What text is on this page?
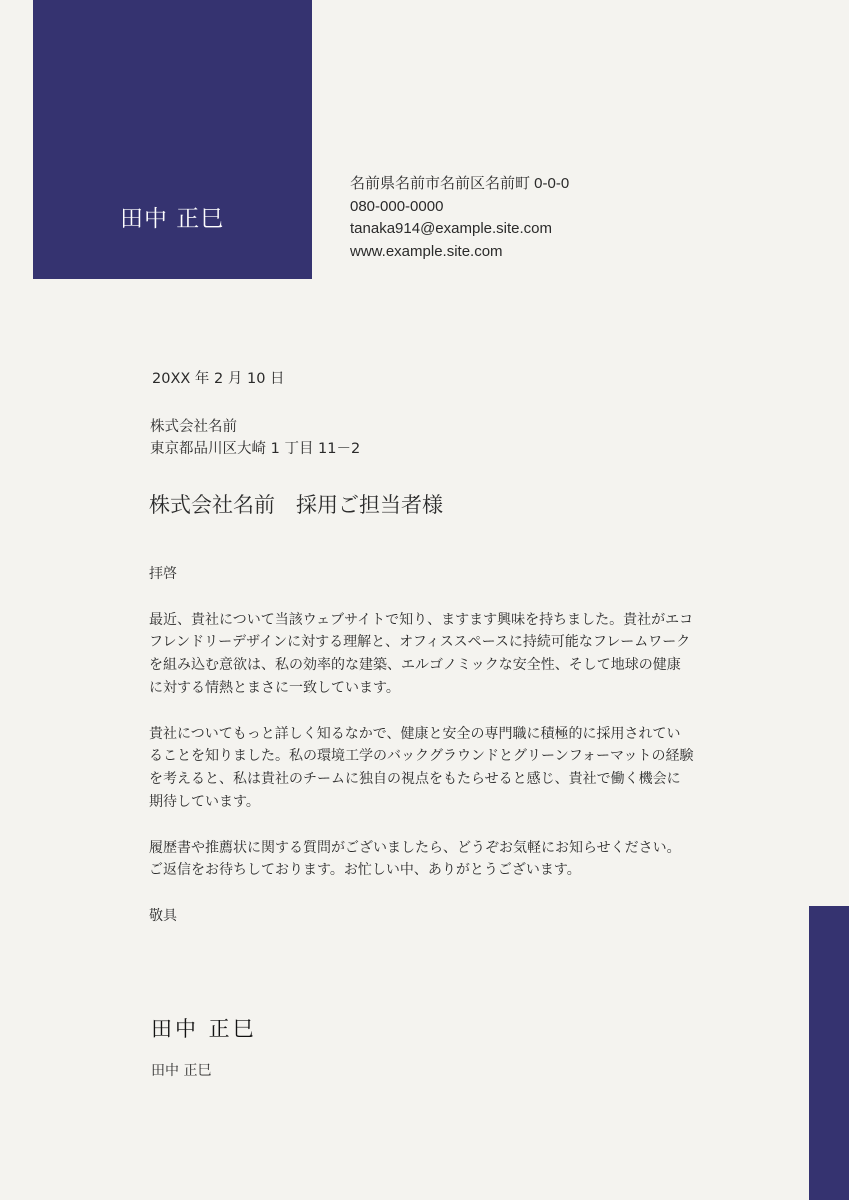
田中 正巳
名前県名前市名前区名前町 0-0-0
080-000-0000
tanaka914@example.site.com
www.example.site.com
20XX 年 2 月 10 日
株式会社名前
東京都品川区大崎 1 丁目 11－2
株式会社名前　採用ご担当者様

拝啓

最近、貴社について当該ウェブサイトで知り、ますます興味を持ちました。貴社がエコフレンドリーデザインに対する理解と、オフィススペースに持続可能なフレームワークを組み込む意欲は、私の効率的な建築、エルゴノミックな安全性、そして地球の健康に対する情熱とまさに一致しています。

貴社についてもっと詳しく知るなかで、健康と安全の専門職に積極的に採用されていることを知りました。私の環境工学のバックグラウンドとグリーンフォーマットの経験を考えると、私は貴社のチームに独自の視点をもたらせると感じ、貴社で働く機会に期待しています。

履歴書や推薦状に関する質問がございましたら、どうぞお気軽にお知らせください。
ご返信をお待ちしております。お忙しい中、ありがとうございます。

敬具

田中 正巳
田中 正巳
